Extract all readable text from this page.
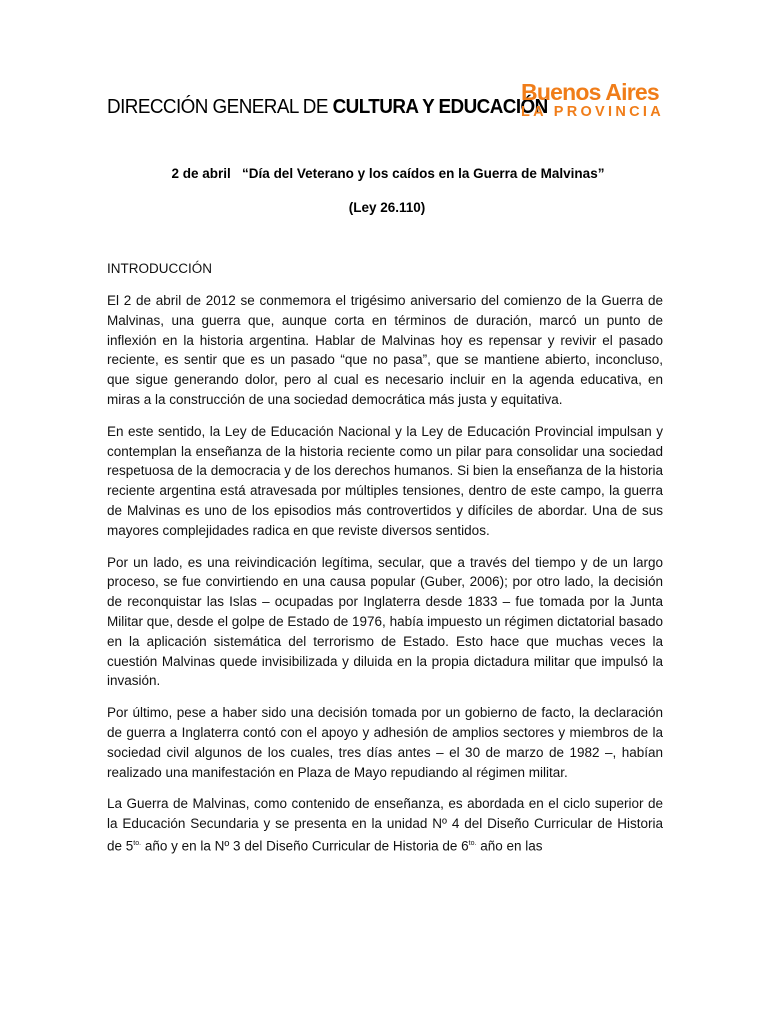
DIRECCIÓN GENERAL DE CULTURA Y EDUCACIÓN
Buenos Aires
LA PROVINCIA
2 de abril   “Día del Veterano y los caídos en la Guerra de Malvinas”
(Ley 26.110)
INTRODUCCIÓN

El 2 de abril de 2012 se conmemora el trigésimo aniversario del comienzo de la Guerra de Malvinas, una guerra que, aunque corta en términos de duración, marcó un punto de inflexión en la historia argentina. Hablar de Malvinas hoy es repensar y revivir el pasado reciente, es sentir que es un pasado “que no pasa”, que se mantiene abierto, inconcluso, que sigue generando dolor, pero al cual es necesario incluir en la agenda educativa, en miras a la construcción de una sociedad democrática más justa y equitativa.

En este sentido, la Ley de Educación Nacional y la Ley de Educación Provincial impulsan y contemplan la enseñanza de la historia reciente como un pilar para consolidar una sociedad respetuosa de la democracia y de los derechos humanos. Si bien la enseñanza de la historia reciente argentina está atravesada por múltiples tensiones, dentro de este campo, la guerra de Malvinas es uno de los episodios más controvertidos y difíciles de abordar. Una de sus mayores complejidades radica en que reviste diversos sentidos.

Por un lado, es una reivindicación legítima, secular, que a través del tiempo y de un largo proceso, se fue convirtiendo en una causa popular (Guber, 2006); por otro lado, la decisión de reconquistar las Islas – ocupadas por Inglaterra desde 1833 – fue tomada por la Junta Militar que, desde el golpe de Estado de 1976, había impuesto un régimen dictatorial basado en la aplicación sistemática del terrorismo de Estado. Esto hace que muchas veces la cuestión Malvinas quede invisibilizada y diluida en la propia dictadura militar que impulsó la invasión.

Por último, pese a haber sido una decisión tomada por un gobierno de facto, la declaración de guerra a Inglaterra contó con el apoyo y adhesión de amplios sectores y miembros de la sociedad civil algunos de los cuales, tres días antes – el 30 de marzo de 1982 –, habían realizado una manifestación en Plaza de Mayo repudiando al régimen militar.

La Guerra de Malvinas, como contenido de enseñanza, es abordada en el ciclo superior de la Educación Secundaria y se presenta en la unidad Nº 4 del Diseño Curricular de Historia de $5^{to.}$ año y en la Nº 3 del Diseño Curricular de Historia de $6^{to.}$ año en las
